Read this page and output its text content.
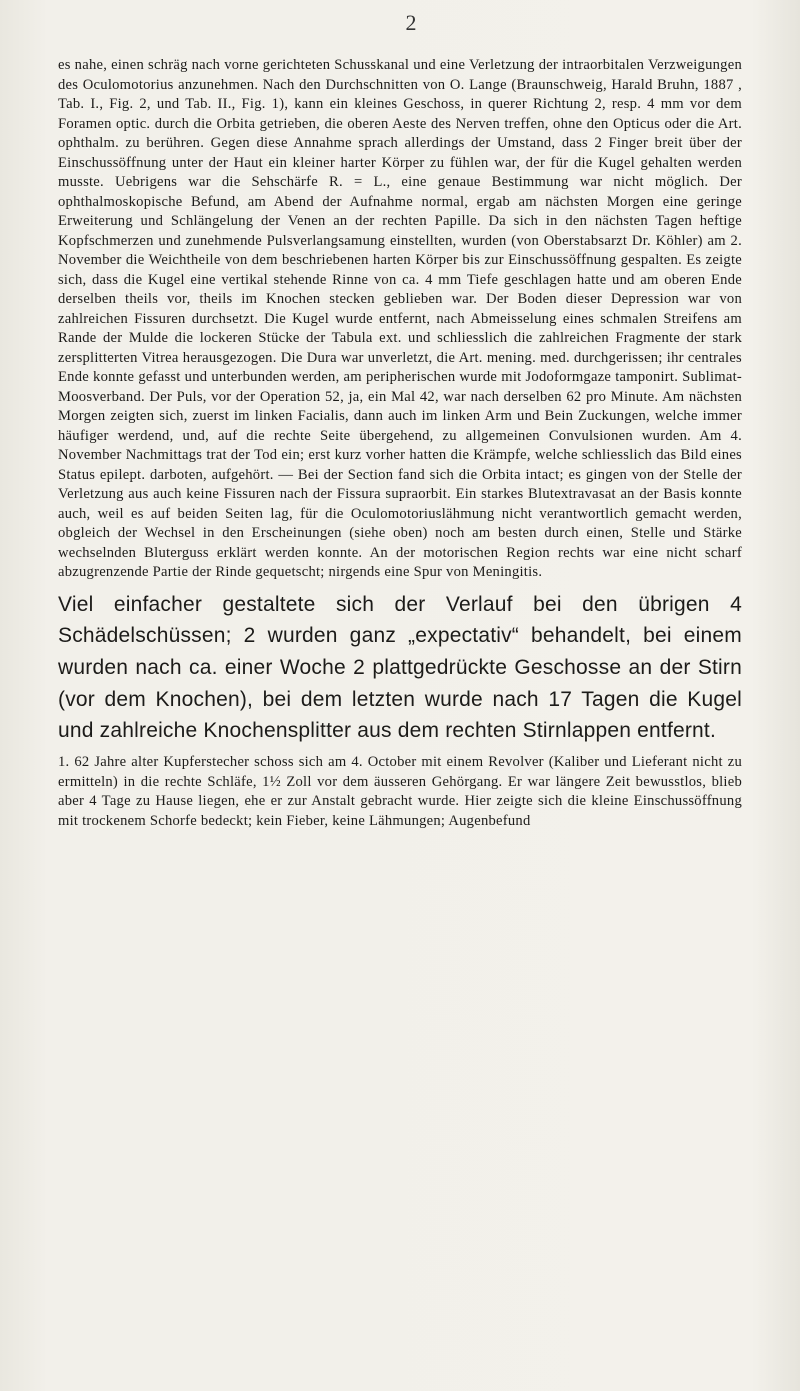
2

es nahe, einen schräg nach vorne gerichteten Schusskanal und eine Verletzung der intraorbitalen Verzweigungen des Oculomotorius anzunehmen. Nach den Durchschnitten von O. Lange (Braunschweig, Harald Bruhn, 1887 , Tab. I., Fig. 2, und Tab. II., Fig. 1), kann ein kleines Geschoss, in querer Richtung 2, resp. 4 mm vor dem Foramen optic. durch die Orbita getrieben, die oberen Aeste des Nerven treffen, ohne den Opticus oder die Art. ophthalm. zu berühren. Gegen diese Annahme sprach allerdings der Umstand, dass 2 Finger breit über der Einschussöffnung unter der Haut ein kleiner harter Körper zu fühlen war, der für die Kugel gehalten werden musste. Uebrigens war die Sehschärfe R. = L., eine genaue Bestimmung war nicht möglich. Der ophthalmoskopische Befund, am Abend der Aufnahme normal, ergab am nächsten Morgen eine geringe Erweiterung und Schlängelung der Venen an der rechten Papille. Da sich in den nächsten Tagen heftige Kopfschmerzen und zunehmende Pulsverlangsamung einstellten, wurden (von Oberstabsarzt Dr. Köhler) am 2. November die Weichtheile von dem beschriebenen harten Körper bis zur Einschussöffnung gespalten. Es zeigte sich, dass die Kugel eine vertikal stehende Rinne von ca. 4 mm Tiefe geschlagen hatte und am oberen Ende derselben theils vor, theils im Knochen stecken geblieben war. Der Boden dieser Depression war von zahlreichen Fissuren durchsetzt. Die Kugel wurde entfernt, nach Abmeisselung eines schmalen Streifens am Rande der Mulde die lockeren Stücke der Tabula ext. und schliesslich die zahlreichen Fragmente der stark zersplitterten Vitrea herausgezogen. Die Dura war unverletzt, die Art. mening. med. durchgerissen; ihr centrales Ende konnte gefasst und unterbunden werden, am peripherischen wurde mit Jodoformgaze tamponirt. Sublimat-Moosverband. Der Puls, vor der Operation 52, ja, ein Mal 42, war nach derselben 62 pro Minute. Am nächsten Morgen zeigten sich, zuerst im linken Facialis, dann auch im linken Arm und Bein Zuckungen, welche immer häufiger werdend, und, auf die rechte Seite übergehend, zu allgemeinen Convulsionen wurden. Am 4. November Nachmittags trat der Tod ein; erst kurz vorher hatten die Krämpfe, welche schliesslich das Bild eines Status epilept. darboten, aufgehört. — Bei der Section fand sich die Orbita intact; es gingen von der Stelle der Verletzung aus auch keine Fissuren nach der Fissura supraorbit. Ein starkes Blutextravasat an der Basis konnte auch, weil es auf beiden Seiten lag, für die Oculomotoriuslähmung nicht verantwortlich gemacht werden, obgleich der Wechsel in den Erscheinungen (siehe oben) noch am besten durch einen, Stelle und Stärke wechselnden Bluterguss erklärt werden konnte. An der motorischen Region rechts war eine nicht scharf abzugrenzende Partie der Rinde gequetscht; nirgends eine Spur von Meningitis.

Viel einfacher gestaltete sich der Verlauf bei den übrigen 4 Schädelschüssen; 2 wurden ganz „expectativ“ behandelt, bei einem wurden nach ca. einer Woche 2 plattgedrückte Geschosse an der Stirn (vor dem Knochen), bei dem letzten wurde nach 17 Tagen die Kugel und zahlreiche Knochensplitter aus dem rechten Stirnlappen entfernt.

1. 62 Jahre alter Kupferstecher schoss sich am 4. October mit einem Revolver (Kaliber und Lieferant nicht zu ermitteln) in die rechte Schläfe, 1½ Zoll vor dem äusseren Gehörgang. Er war längere Zeit bewusstlos, blieb aber 4 Tage zu Hause liegen, ehe er zur Anstalt gebracht wurde. Hier zeigte sich die kleine Einschussöffnung mit trockenem Schorfe bedeckt; kein Fieber, keine Lähmungen; Augenbefund
